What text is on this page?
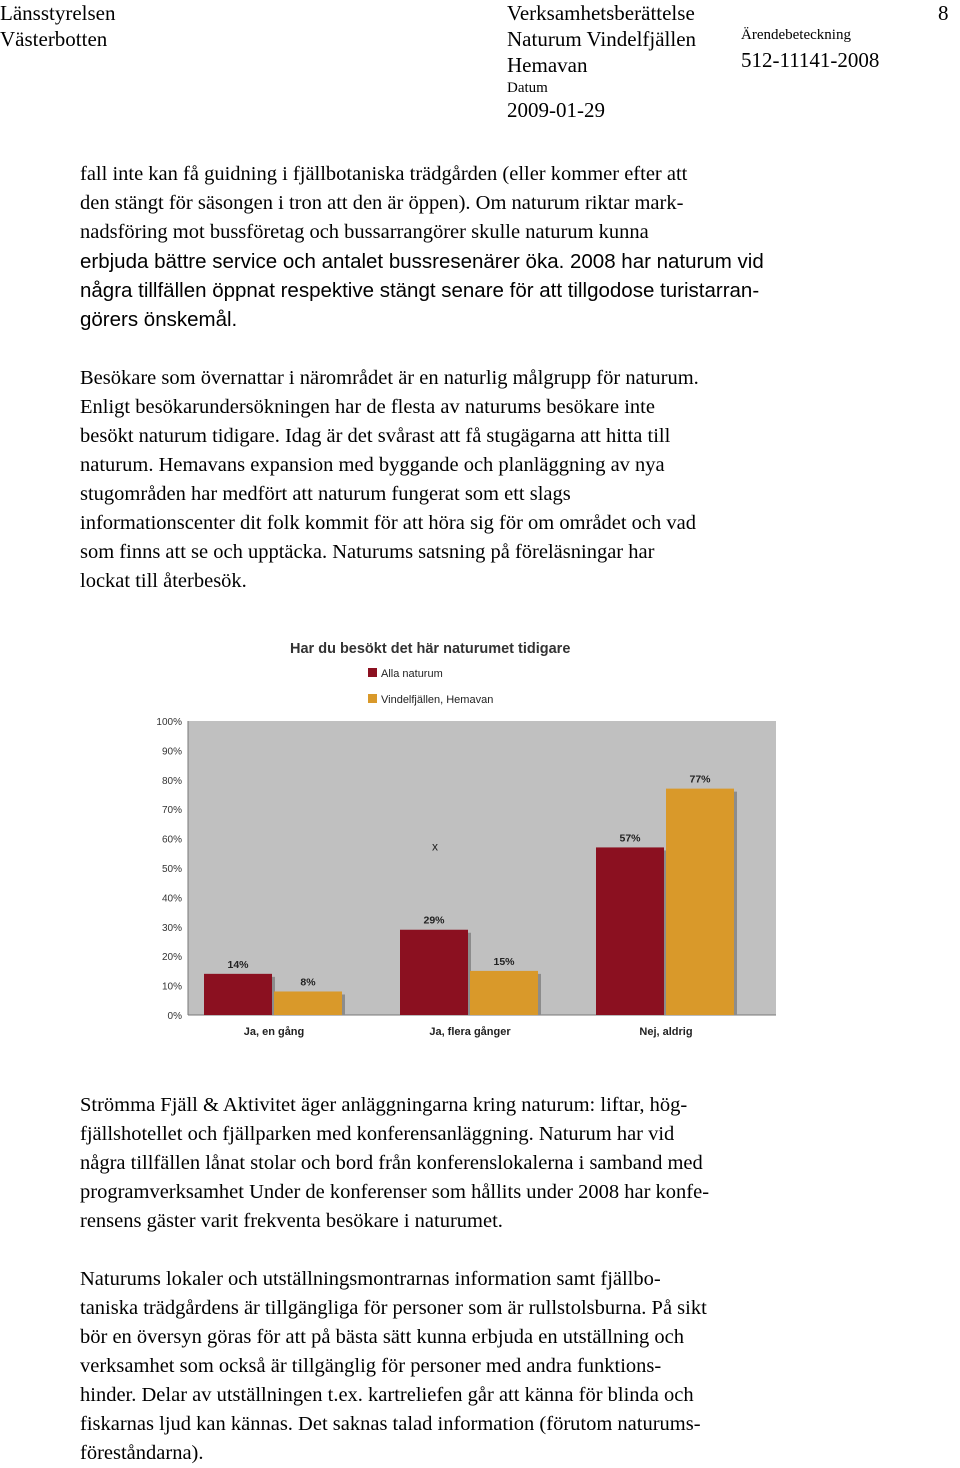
Länsstyrelsen
Västerbotten
Verksamhetsberättelse
Naturum Vindelfjällen
Hemavan
Datum
2009-01-29
Ärendebeteckning
512-11141-2008
8

fall inte kan få guidning i fjällbotaniska trädgården (eller kommer efter att
den stängt för säsongen i tron att den är öppen). Om naturum riktar mark-
nadsföring mot bussföretag och bussarrangörer skulle naturum kunna
erbjuda bättre service och antalet bussresenärer öka. 2008 har naturum vid
några tillfällen öppnat respektive stängt senare för att tillgodose turistarran-
görers önskemål.

Besökare som övernattar i närområdet är en naturlig målgrupp för naturum.
Enligt besökarundersökningen har de flesta av naturums besökare inte
besökt naturum tidigare. Idag är det svårast att få stugägarna att hitta till
naturum. Hemavans expansion med byggande och planläggning av nya
stugområden har medfört att naturum fungerat som ett slags
informationscenter dit folk kommit för att höra sig för om området och vad
som finns att se och upptäcka. Naturums satsning på föreläsningar har
lockat till återbesök.

Har du besökt det här naturumet tidigare
Alla naturum
Vindelfjällen, Hemavan
0%
10%
20%
30%
40%
50%
60%
70%
80%
90%
100%
14%
8%
Ja, en gång
29%
15%
Ja, flera gånger
57%
77%
Nej, aldrig
x

Strömma Fjäll & Aktivitet äger anläggningarna kring naturum: liftar, hög-
fjällshotellet och fjällparken med konferensanläggning. Naturum har vid
några tillfällen lånat stolar och bord från konferenslokalerna i samband med
programverksamhet Under de konferenser som hållits under 2008 har konfe-
rensens gäster varit frekventa besökare i naturumet.

Naturums lokaler och utställningsmontrarnas information samt fjällbo-
taniska trädgårdens är tillgängliga för personer som är rullstolsburna. På sikt
bör en översyn göras för att på bästa sätt kunna erbjuda en utställning och
verksamhet som också är tillgänglig för personer med andra funktions-
hinder. Delar av utställningen t.ex. kartreliefen går att känna för blinda och
fiskarnas ljud kan kännas. Det saknas talad information (förutom naturums-
föreståndarna).
